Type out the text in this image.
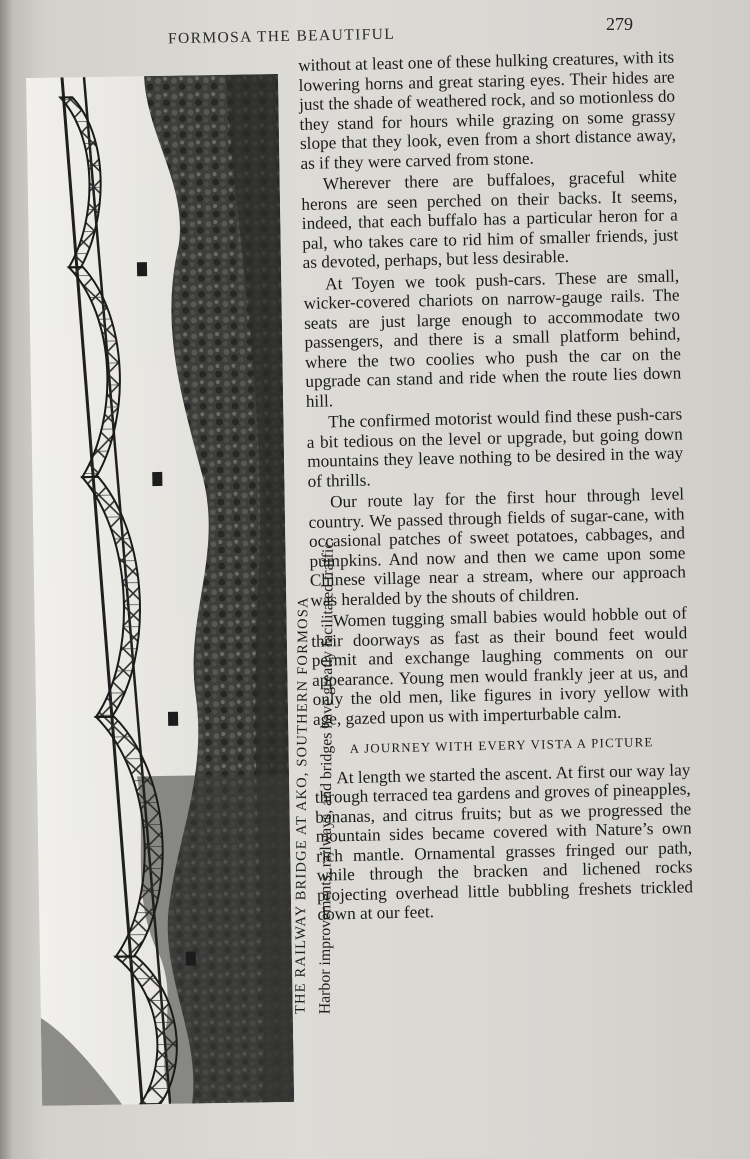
FORMOSA THE BEAUTIFUL
279
THE RAILWAY BRIDGE AT AKO, SOUTHERN FORMOSA Harbor improvements, railways, and bridges have greatly facilitated traffic.

without at least one of these hulking creatures, with its lowering horns and great staring eyes. Their hides are just the shade of weathered rock, and so motionless do they stand for hours while grazing on some grassy slope that they look, even from a short distance away, as if they were carved from stone.

Wherever there are buffaloes, graceful white herons are seen perched on their backs. It seems, indeed, that each buffalo has a particular heron for a pal, who takes care to rid him of smaller friends, just as devoted, perhaps, but less desirable.

At Toyen we took push-cars. These are small, wicker-covered chariots on narrow-gauge rails. The seats are just large enough to accommodate two passengers, and there is a small platform behind, where the two coolies who push the car on the upgrade can stand and ride when the route lies down hill.

The confirmed motorist would find these push-cars a bit tedious on the level or upgrade, but going down mountains they leave nothing to be desired in the way of thrills.

Our route lay for the first hour through level country. We passed through fields of sugar-cane, with occasional patches of sweet potatoes, cabbages, and pumpkins. And now and then we came upon some Chinese village near a stream, where our approach was heralded by the shouts of children.

Women tugging small babies would hobble out of their doorways as fast as their bound feet would permit and exchange laughing comments on our appearance. Young men would frankly jeer at us, and only the old men, like figures in ivory yellow with age, gazed upon us with imperturbable calm.

A JOURNEY WITH EVERY VISTA A PICTURE

At length we started the ascent. At first our way lay through terraced tea gardens and groves of pineapples, bananas, and citrus fruits; but as we progressed the mountain sides became covered with Nature’s own rich mantle. Ornamental grasses fringed our path, while through the bracken and lichened rocks projecting overhead little bubbling freshets trickled down at our feet.
